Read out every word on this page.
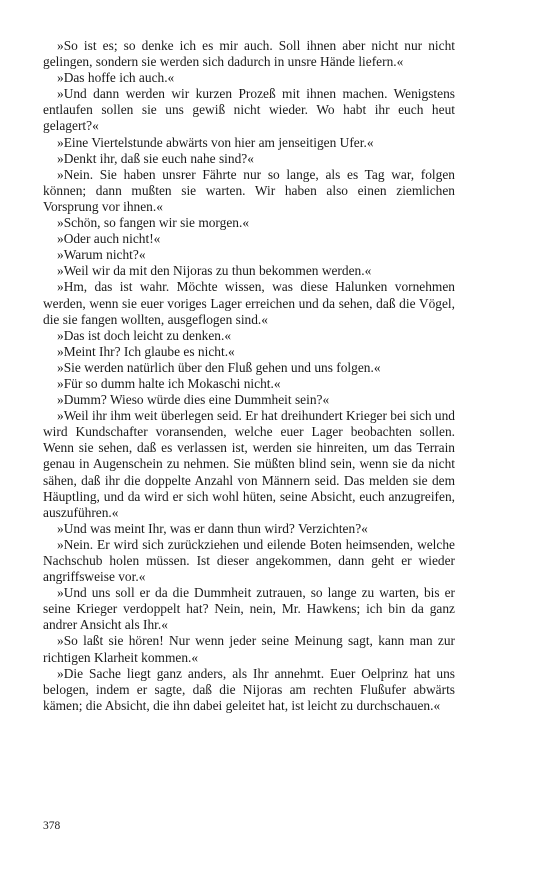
»So ist es; so denke ich es mir auch. Soll ihnen aber nicht nur nicht gelingen, sondern sie werden sich dadurch in unsre Hände liefern.«

»Das hoffe ich auch.«

»Und dann werden wir kurzen Prozeß mit ihnen machen. Wenigstens entlaufen sollen sie uns gewiß nicht wieder. Wo habt ihr euch heut gelagert?«

»Eine Viertelstunde abwärts von hier am jenseitigen Ufer.«

»Denkt ihr, daß sie euch nahe sind?«

»Nein. Sie haben unsrer Fährte nur so lange, als es Tag war, folgen können; dann mußten sie warten. Wir haben also einen ziemlichen Vorsprung vor ihnen.«

»Schön, so fangen wir sie morgen.«

»Oder auch nicht!«

»Warum nicht?«

»Weil wir da mit den Nijoras zu thun bekommen werden.«

»Hm, das ist wahr. Möchte wissen, was diese Halunken vornehmen werden, wenn sie euer voriges Lager erreichen und da sehen, daß die Vögel, die sie fangen wollten, ausgeflogen sind.«

»Das ist doch leicht zu denken.«

»Meint Ihr? Ich glaube es nicht.«

»Sie werden natürlich über den Fluß gehen und uns folgen.«

»Für so dumm halte ich Mokaschi nicht.«

»Dumm? Wieso würde dies eine Dummheit sein?«

»Weil ihr ihm weit überlegen seid. Er hat dreihundert Krieger bei sich und wird Kundschafter voransenden, welche euer Lager beobachten sollen. Wenn sie sehen, daß es verlassen ist, werden sie hinreiten, um das Terrain genau in Augenschein zu nehmen. Sie müßten blind sein, wenn sie da nicht sähen, daß ihr die doppelte Anzahl von Männern seid. Das melden sie dem Häuptling, und da wird er sich wohl hüten, seine Absicht, euch anzugreifen, auszuführen.«

»Und was meint Ihr, was er dann thun wird? Verzichten?«

»Nein. Er wird sich zurückziehen und eilende Boten heimsenden, welche Nachschub holen müssen. Ist dieser angekommen, dann geht er wieder angriffsweise vor.«

»Und uns soll er da die Dummheit zutrauen, so lange zu warten, bis er seine Krieger verdoppelt hat? Nein, nein, Mr. Hawkens; ich bin da ganz andrer Ansicht als Ihr.«

»So laßt sie hören! Nur wenn jeder seine Meinung sagt, kann man zur richtigen Klarheit kommen.«

»Die Sache liegt ganz anders, als Ihr annehmt. Euer Oelprinz hat uns belogen, indem er sagte, daß die Nijoras am rechten Flußufer abwärts kämen; die Absicht, die ihn dabei geleitet hat, ist leicht zu durchschauen.«

378
